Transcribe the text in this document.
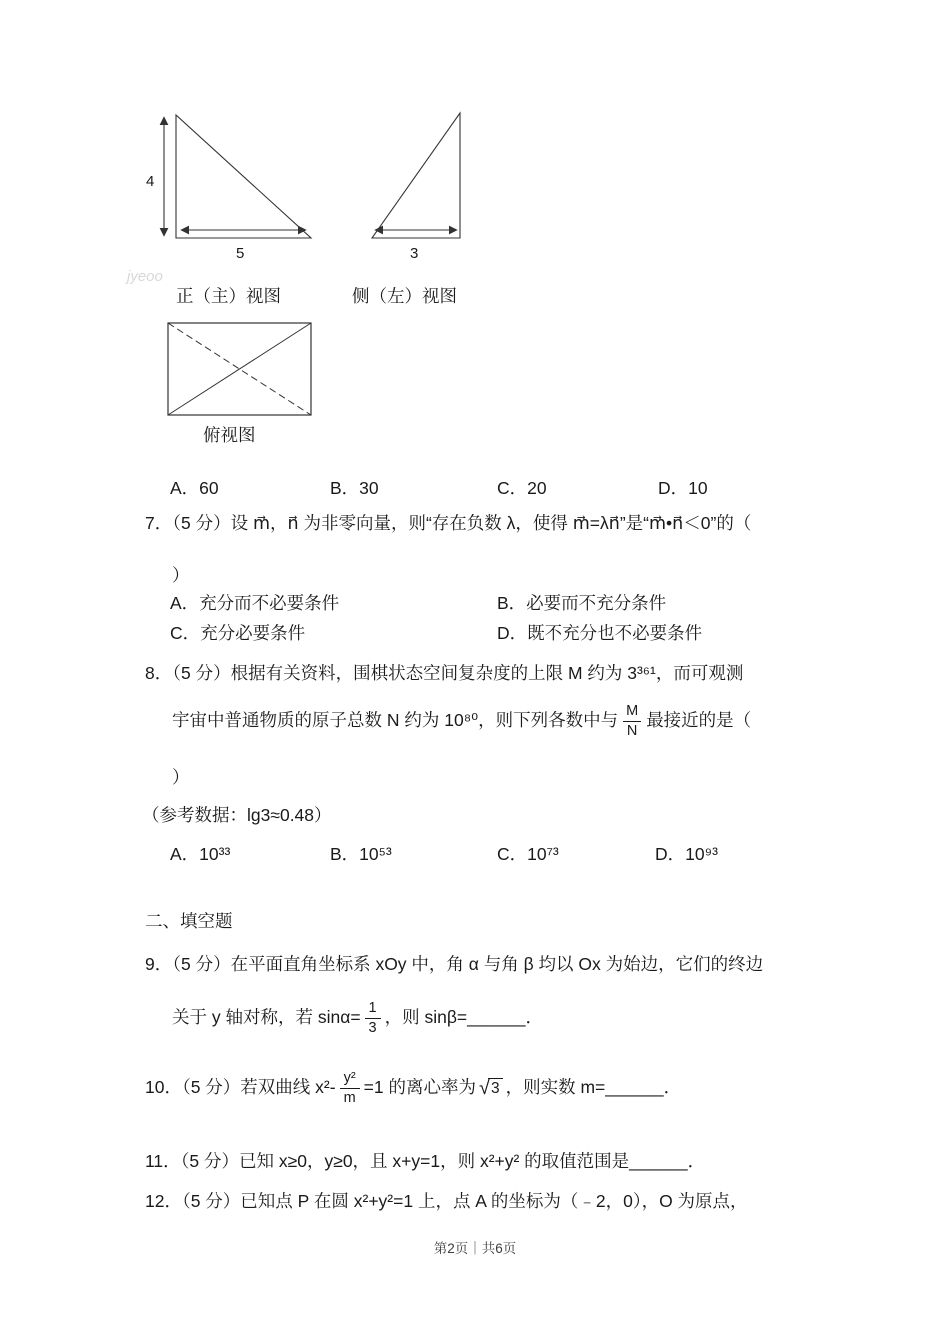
jyeoo
4
5	3
正（主）视图	侧（左）视图
俯视图
A．60	B．30	C．20	D．10
7．（5 分）设 m⃗，n⃗ 为非零向量，则“存在负数 λ，使得 m⃗=λn⃗”是“m⃗•n⃗＜0”的（
）
A．充分而不必要条件	B．必要而不充分条件
C．充分必要条件	D．既不充分也不必要条件
8．（5 分）根据有关资料，围棋状态空间复杂度的上限 M 约为 3³⁶¹，而可观测
宇宙中普通物质的原子总数 N 约为 10⁸⁰，则下列各数中与 $\frac{M}{N}$ 最接近的是（
）
（参考数据：lg3≈0.48）
A．10³³	B．10⁵³	C．10⁷³	D．10⁹³
二、填空题
9．（5 分）在平面直角坐标系 xOy 中，角 α 与角 β 均以 Ox 为始边，它们的终边
关于 y 轴对称，若 $\sin\alpha= \frac{1}{3}$ ，则 sinβ=______．
10．（5 分）若双曲线 $x^2- \frac{\text{y²}}{m} =1$ 的离心率为 √ 3 ，则实数 m=______．
11．（5 分）已知 x≥0，y≥0，且 x+y=1，则 x²+y² 的取值范围是______．
12．（5 分）已知点 P 在圆 x²+y²=1 上，点 A 的坐标为（﹣2，0），O 为原点，
第2页｜共6页
